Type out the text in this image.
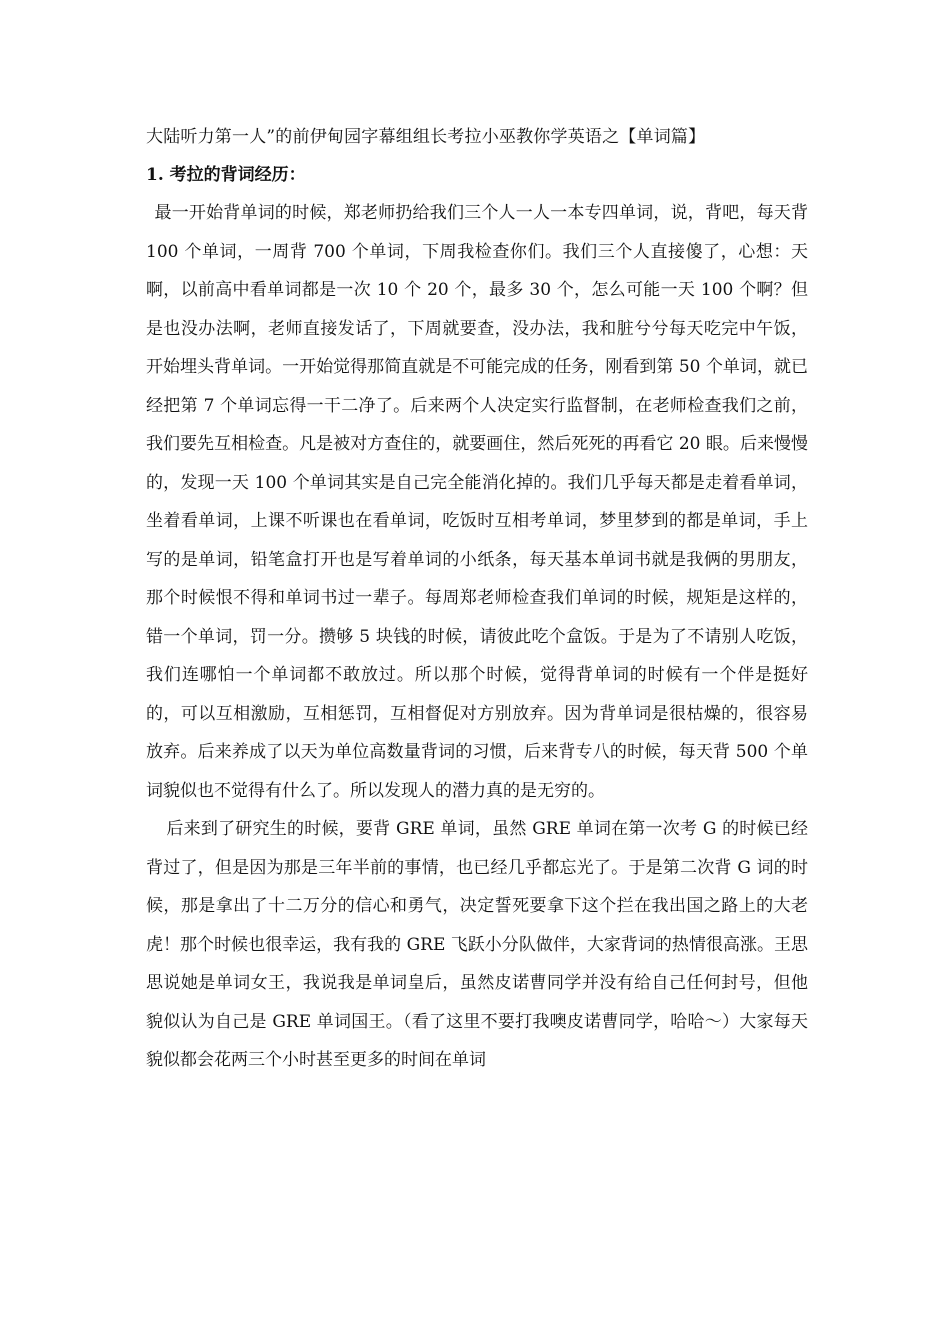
大陆听力第一人”的前伊甸园字幕组组长考拉小巫教你学英语之【单词篇】

1. 考拉的背词经历：

最一开始背单词的时候，郑老师扔给我们三个人一人一本专四单词，说，背吧，每天背 100 个单词，一周背 700 个单词，下周我检查你们。我们三个人直接傻了，心想：天啊，以前高中看单词都是一次 10 个 20 个，最多 30 个，怎么可能一天 100 个啊？但是也没办法啊，老师直接发话了，下周就要查，没办法，我和脏兮兮每天吃完中午饭，开始埋头背单词。一开始觉得那简直就是不可能完成的任务，刚看到第 50 个单词，就已经把第 7 个单词忘得一干二净了。后来两个人决定实行监督制，在老师检查我们之前，我们要先互相检查。凡是被对方查住的，就要画住，然后死死的再看它 20 眼。后来慢慢的，发现一天 100 个单词其实是自己完全能消化掉的。我们几乎每天都是走着看单词，坐着看单词，上课不听课也在看单词，吃饭时互相考单词，梦里梦到的都是单词，手上写的是单词，铅笔盒打开也是写着单词的小纸条，每天基本单词书就是我俩的男朋友，那个时候恨不得和单词书过一辈子。每周郑老师检查我们单词的时候，规矩是这样的，错一个单词，罚一分。攒够 5 块钱的时候，请彼此吃个盒饭。于是为了不请别人吃饭，我们连哪怕一个单词都不敢放过。所以那个时候，觉得背单词的时候有一个伴是挺好的，可以互相激励，互相惩罚，互相督促对方别放弃。因为背单词是很枯燥的，很容易放弃。后来养成了以天为单位高数量背词的习惯，后来背专八的时候，每天背 500 个单词貌似也不觉得有什么了。所以发现人的潜力真的是无穷的。

后来到了研究生的时候，要背 GRE 单词，虽然 GRE 单词在第一次考 G 的时候已经背过了，但是因为那是三年半前的事情，也已经几乎都忘光了。于是第二次背 G 词的时候，那是拿出了十二万分的信心和勇气，决定誓死要拿下这个拦在我出国之路上的大老虎！那个时候也很幸运，我有我的 GRE 飞跃小分队做伴，大家背词的热情很高涨。王思思说她是单词女王，我说我是单词皇后，虽然皮诺曹同学并没有给自己任何封号，但他貌似认为自己是 GRE 单词国王。（看了这里不要打我噢皮诺曹同学，哈哈～）大家每天貌似都会花两三个小时甚至更多的时间在单词
